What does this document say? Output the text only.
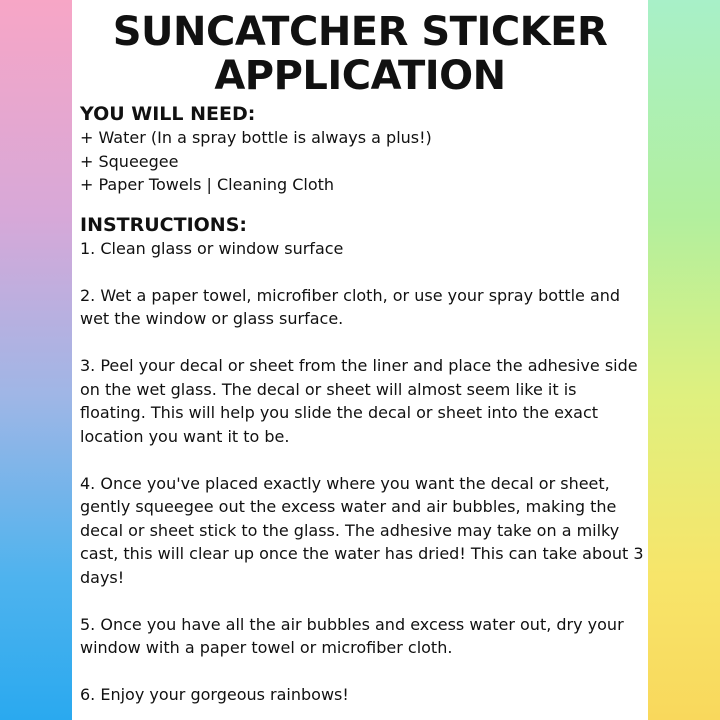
SUNCATCHER STICKER
APPLICATION

YOU WILL NEED:

+ Water (In a spray bottle is always a plus!)

+ Squeegee

+ Paper Towels | Cleaning Cloth

INSTRUCTIONS:

1. Clean glass or window surface

2. Wet a paper towel, microfiber cloth, or use your spray bottle and wet the window or glass surface.

3. Peel your decal or sheet from the liner and place the adhesive side on the wet glass. The decal or sheet will almost seem like it is floating. This will help you slide the decal or sheet into the exact location you want it to be.

4. Once you've placed exactly where you want the decal or sheet, gently squeegee out the excess water and air bubbles, making the decal or sheet stick to the glass. The adhesive may take on a milky cast, this will clear up once the water has dried! This can take about 3 days!

5. Once you have all the air bubbles and excess water out, dry your window with a paper towel or microfiber cloth.

6. Enjoy your gorgeous rainbows!
